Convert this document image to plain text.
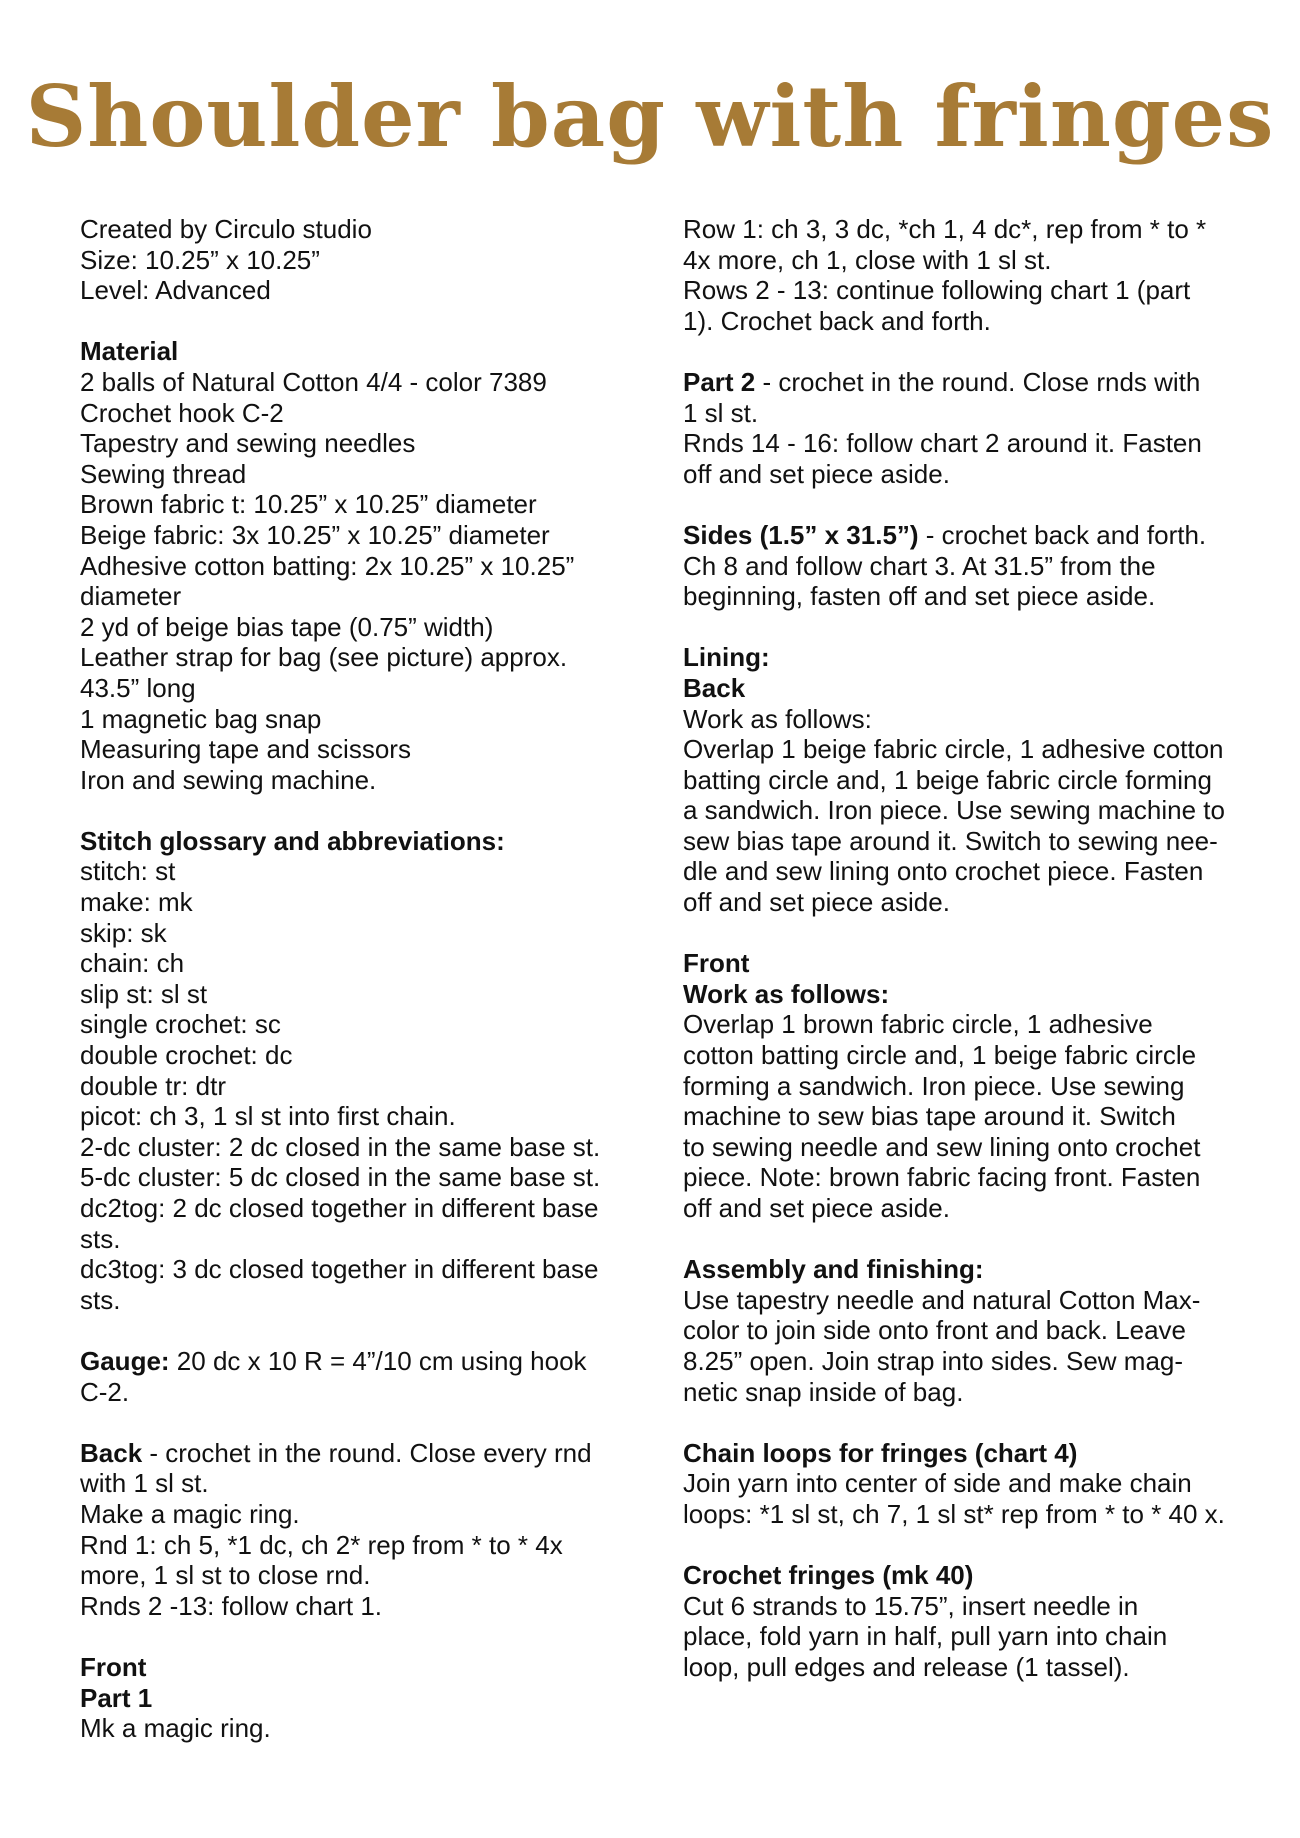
Shoulder bag with fringes
Created by Circulo studio
Size: 10.25” x 10.25”
Level: Advanced
Material
2 balls of Natural Cotton 4/4 - color 7389
Crochet hook C-2
Tapestry and sewing needles
Sewing thread
Brown fabric t: 10.25” x 10.25” diameter
Beige fabric: 3x 10.25” x 10.25” diameter
Adhesive cotton batting: 2x 10.25” x 10.25”
diameter
2 yd of beige bias tape (0.75” width)
Leather strap for bag (see picture) approx.
43.5” long
1 magnetic bag snap
Measuring tape and scissors
Iron and sewing machine.
Stitch glossary and abbreviations:
stitch: st
make: mk
skip: sk
chain: ch
slip st: sl st
single crochet: sc
double crochet: dc
double tr: dtr
picot: ch 3, 1 sl st into first chain.
2-dc cluster: 2 dc closed in the same base st.
5-dc cluster: 5 dc closed in the same base st.
dc2tog: 2 dc closed together in different base
sts.
dc3tog: 3 dc closed together in different base
sts.
Gauge: 20 dc x 10 R = 4”/10 cm using hook
C-2.
Back - crochet in the round. Close every rnd
with 1 sl st.
Make a magic ring.
Rnd 1: ch 5, *1 dc, ch 2* rep from * to * 4x
more, 1 sl st to close rnd.
Rnds 2 -13: follow chart 1.
Front
Part 1
Mk a magic ring.
Row 1: ch 3, 3 dc, *ch 1, 4 dc*, rep from * to *
4x more, ch 1, close with 1 sl st.
Rows 2 - 13: continue following chart 1 (part
1). Crochet back and forth.
Part 2 - crochet in the round. Close rnds with
1 sl st.
Rnds 14 - 16: follow chart 2 around it. Fasten
off and set piece aside.
Sides (1.5” x 31.5”) - crochet back and forth.
Ch 8 and follow chart 3. At 31.5” from the
beginning, fasten off and set piece aside.
Lining:
Back
Work as follows:
Overlap 1 beige fabric circle, 1 adhesive cotton
batting circle and, 1 beige fabric circle forming
a sandwich. Iron piece. Use sewing machine to
sew bias tape around it. Switch to sewing nee-
dle and sew lining onto crochet piece. Fasten
off and set piece aside.
Front
Work as follows:
Overlap 1 brown fabric circle, 1 adhesive
cotton batting circle and, 1 beige fabric circle
forming a sandwich. Iron piece. Use sewing
machine to sew bias tape around it. Switch
to sewing needle and sew lining onto crochet
piece. Note: brown fabric facing front. Fasten
off and set piece aside.
Assembly and finishing:
Use tapestry needle and natural Cotton Max-
color to join side onto front and back. Leave
8.25” open. Join strap into sides. Sew mag-
netic snap inside of bag.
Chain loops for fringes (chart 4)
Join yarn into center of side and make chain
loops: *1 sl st, ch 7, 1 sl st* rep from * to * 40 x.
Crochet fringes (mk 40)
Cut 6 strands to 15.75”, insert needle in
place, fold yarn in half, pull yarn into chain
loop, pull edges and release (1 tassel).
